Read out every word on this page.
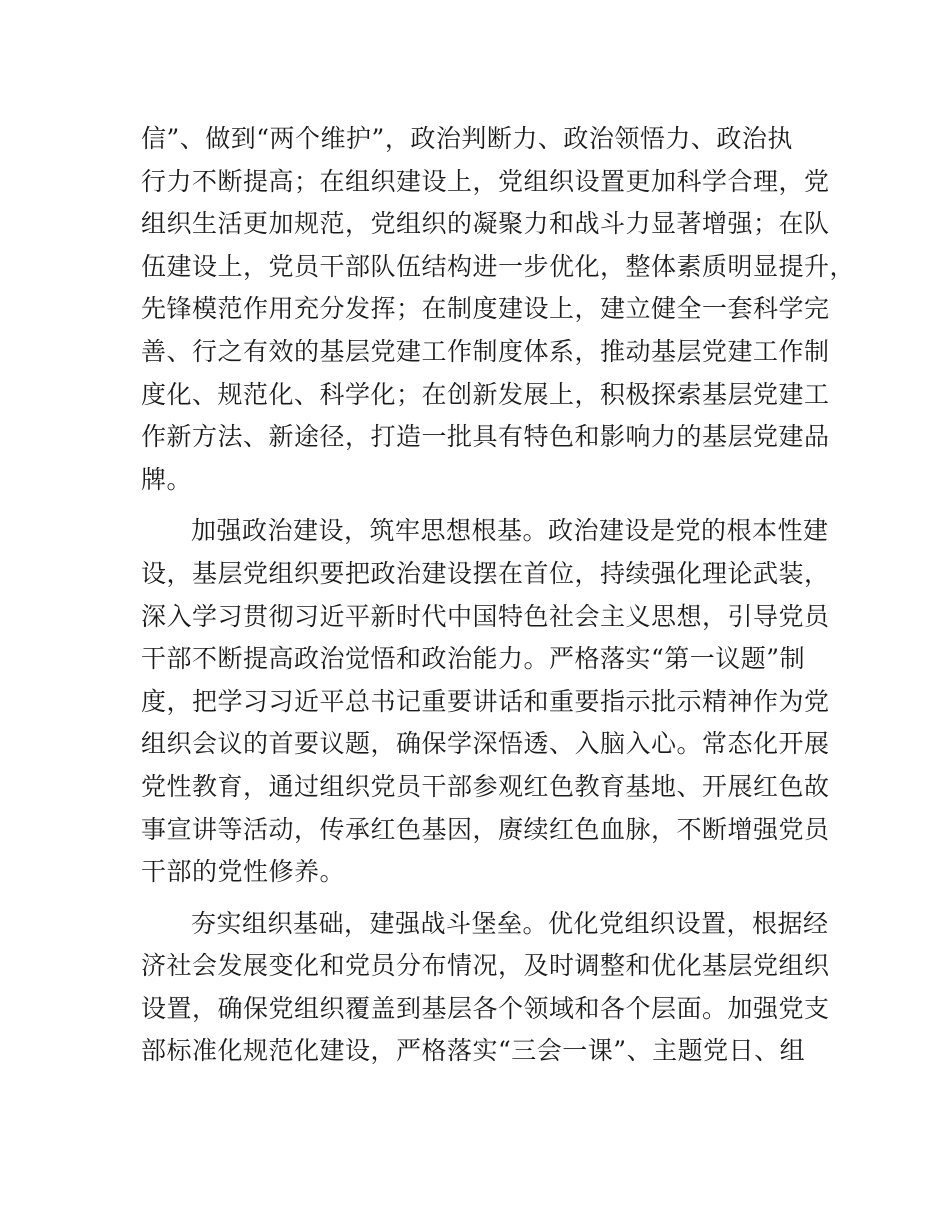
信”、做到“两个维护”，政治判断力、政治领悟力、政治执
行力不断提高；在组织建设上，党组织设置更加科学合理，党
组织生活更加规范，党组织的凝聚力和战斗力显著增强；在队
伍建设上，党员干部队伍结构进一步优化，整体素质明显提升，
先锋模范作用充分发挥；在制度建设上，建立健全一套科学完
善、行之有效的基层党建工作制度体系，推动基层党建工作制
度化、规范化、科学化；在创新发展上，积极探索基层党建工
作新方法、新途径，打造一批具有特色和影响力的基层党建品
牌。
加强政治建设，筑牢思想根基。政治建设是党的根本性建
设，基层党组织要把政治建设摆在首位，持续强化理论武装，
深入学习贯彻习近平新时代中国特色社会主义思想，引导党员
干部不断提高政治觉悟和政治能力。严格落实“第一议题”制
度，把学习习近平总书记重要讲话和重要指示批示精神作为党
组织会议的首要议题，确保学深悟透、入脑入心。常态化开展
党性教育，通过组织党员干部参观红色教育基地、开展红色故
事宣讲等活动，传承红色基因，赓续红色血脉，不断增强党员
干部的党性修养。
夯实组织基础，建强战斗堡垒。优化党组织设置，根据经
济社会发展变化和党员分布情况，及时调整和优化基层党组织
设置，确保党组织覆盖到基层各个领域和各个层面。加强党支
部标准化规范化建设，严格落实“三会一课”、主题党日、组
